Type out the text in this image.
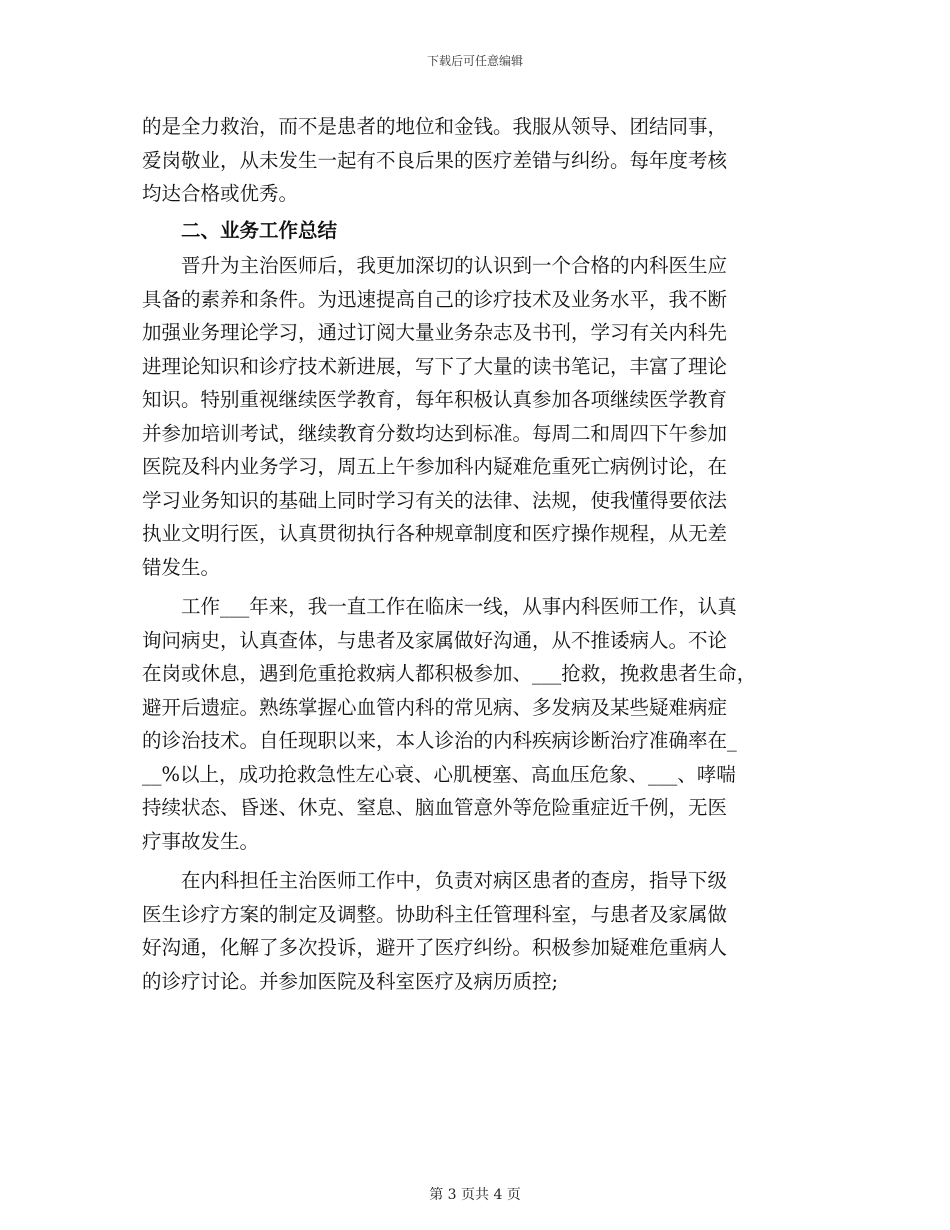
下载后可任意编辑

的是全力救治，而不是患者的地位和金钱。我服从领导、团结同事，
爱岗敬业，从未发生一起有不良后果的医疗差错与纠纷。每年度考核
均达合格或优秀。

二、业务工作总结

晋升为主治医师后，我更加深切的认识到一个合格的内科医生应
具备的素养和条件。为迅速提高自己的诊疗技术及业务水平，我不断
加强业务理论学习，通过订阅大量业务杂志及书刊，学习有关内科先
进理论知识和诊疗技术新进展，写下了大量的读书笔记，丰富了理论
知识。特别重视继续医学教育，每年积极认真参加各项继续医学教育
并参加培训考试，继续教育分数均达到标准。每周二和周四下午参加
医院及科内业务学习，周五上午参加科内疑难危重死亡病例讨论，在
学习业务知识的基础上同时学习有关的法律、法规，使我懂得要依法
执业文明行医，认真贯彻执行各种规章制度和医疗操作规程，从无差
错发生。

工作___年来，我一直工作在临床一线，从事内科医师工作，认真
询问病史，认真查体，与患者及家属做好沟通，从不推诿病人。不论
在岗或休息，遇到危重抢救病人都积极参加、___抢救，挽救患者生命，
避开后遗症。熟练掌握心血管内科的常见病、多发病及某些疑难病症
的诊治技术。自任现职以来，本人诊治的内科疾病诊断治疗准确率在_
__%以上，成功抢救急性左心衰、心肌梗塞、高血压危象、___、哮喘
持续状态、昏迷、休克、窒息、脑血管意外等危险重症近千例，无医
疗事故发生。

在内科担任主治医师工作中，负责对病区患者的查房，指导下级
医生诊疗方案的制定及调整。协助科主任管理科室，与患者及家属做
好沟通，化解了多次投诉，避开了医疗纠纷。积极参加疑难危重病人
的诊疗讨论。并参加医院及科室医疗及病历质控;

第 3 页共 4 页
